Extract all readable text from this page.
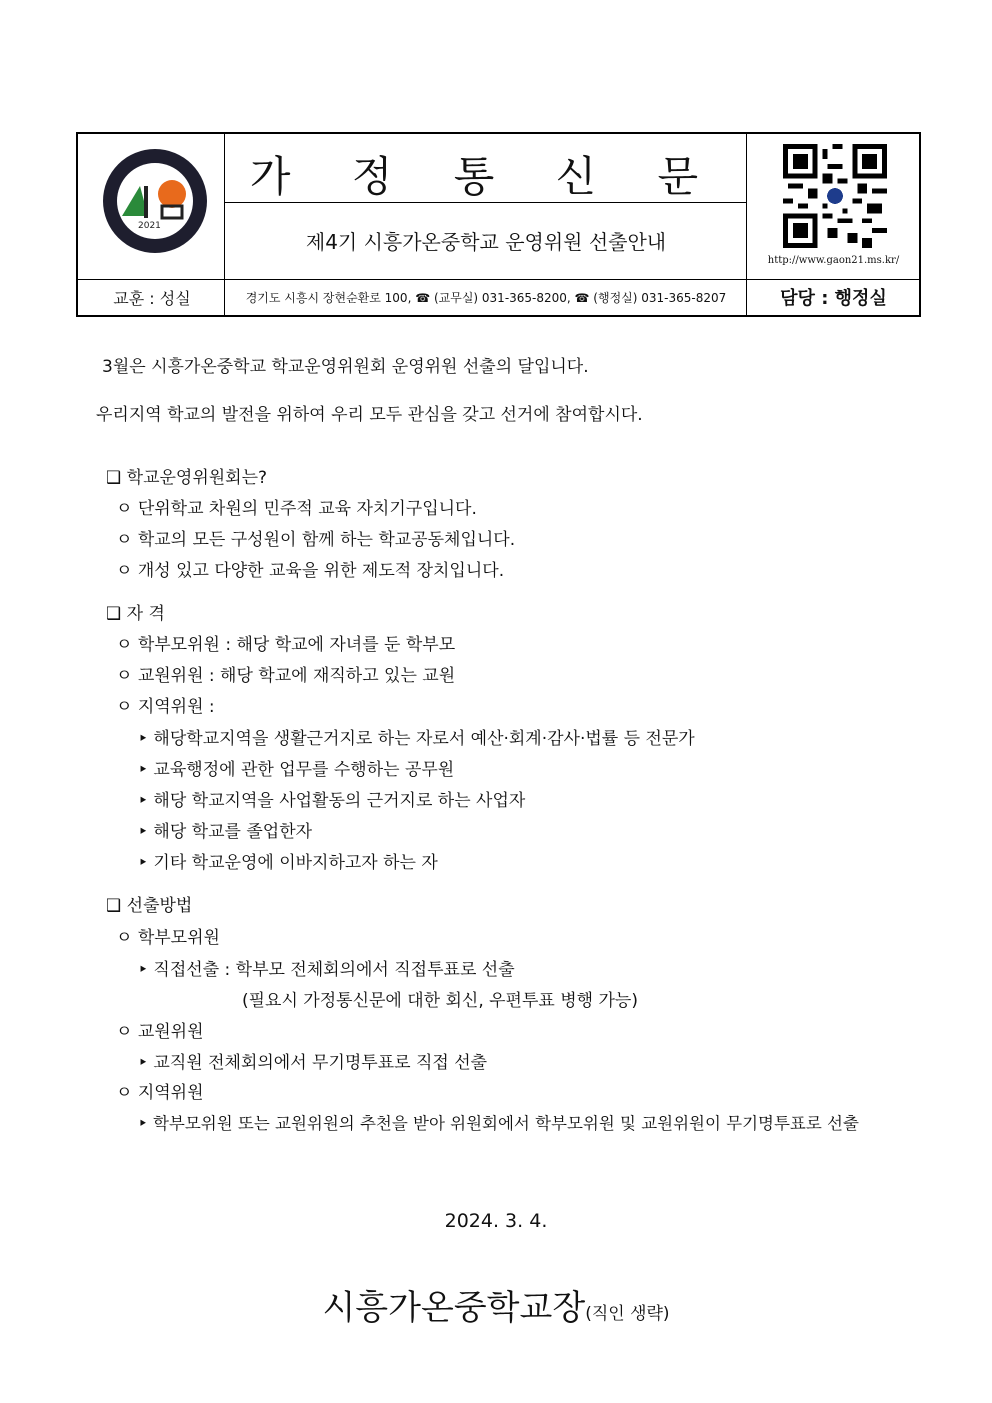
2021
가 정 통 신 문
제4기 시흥가온중학교 운영위원 선출안내
http://www.gaon21.ms.kr/
교훈 : 성실	경기도 시흥시 장현순환로 100, ☎ (교무실) 031-365-8200, ☎ (행정실) 031-365-8207	담당 : 행정실
3월은 시흥가온중학교 학교운영위원회 운영위원 선출의 달입니다.
우리지역 학교의 발전을 위하여 우리 모두 관심을 갖고 선거에 참여합시다.
❑ 학교운영위원회는?
ㅇ 단위학교 차원의 민주적 교육 자치기구입니다.
ㅇ 학교의 모든 구성원이 함께 하는 학교공동체입니다.
ㅇ 개성 있고 다양한 교육을 위한 제도적 장치입니다.
❑ 자 격
ㅇ 학부모위원 : 해당 학교에 자녀를 둔 학부모
ㅇ 교원위원 : 해당 학교에 재직하고 있는 교원
ㅇ 지역위원 :
‣ 해당학교지역을 생활근거지로 하는 자로서 예산·회계·감사·법률 등 전문가
‣ 교육행정에 관한 업무를 수행하는 공무원
‣ 해당 학교지역을 사업활동의 근거지로 하는 사업자
‣ 해당 학교를 졸업한자
‣ 기타 학교운영에 이바지하고자 하는 자
❑ 선출방법
ㅇ 학부모위원
‣ 직접선출 : 학부모 전체회의에서 직접투표로 선출
(필요시 가정통신문에 대한 회신, 우편투표 병행 가능)
ㅇ 교원위원
‣ 교직원 전체회의에서 무기명투표로 직접 선출
ㅇ 지역위원
‣ 학부모위원 또는 교원위원의 추천을 받아 위원회에서 학부모위원 및 교원위원이 무기명투표로 선출
2024. 3. 4.
시흥가온중학교장(직인 생략)
